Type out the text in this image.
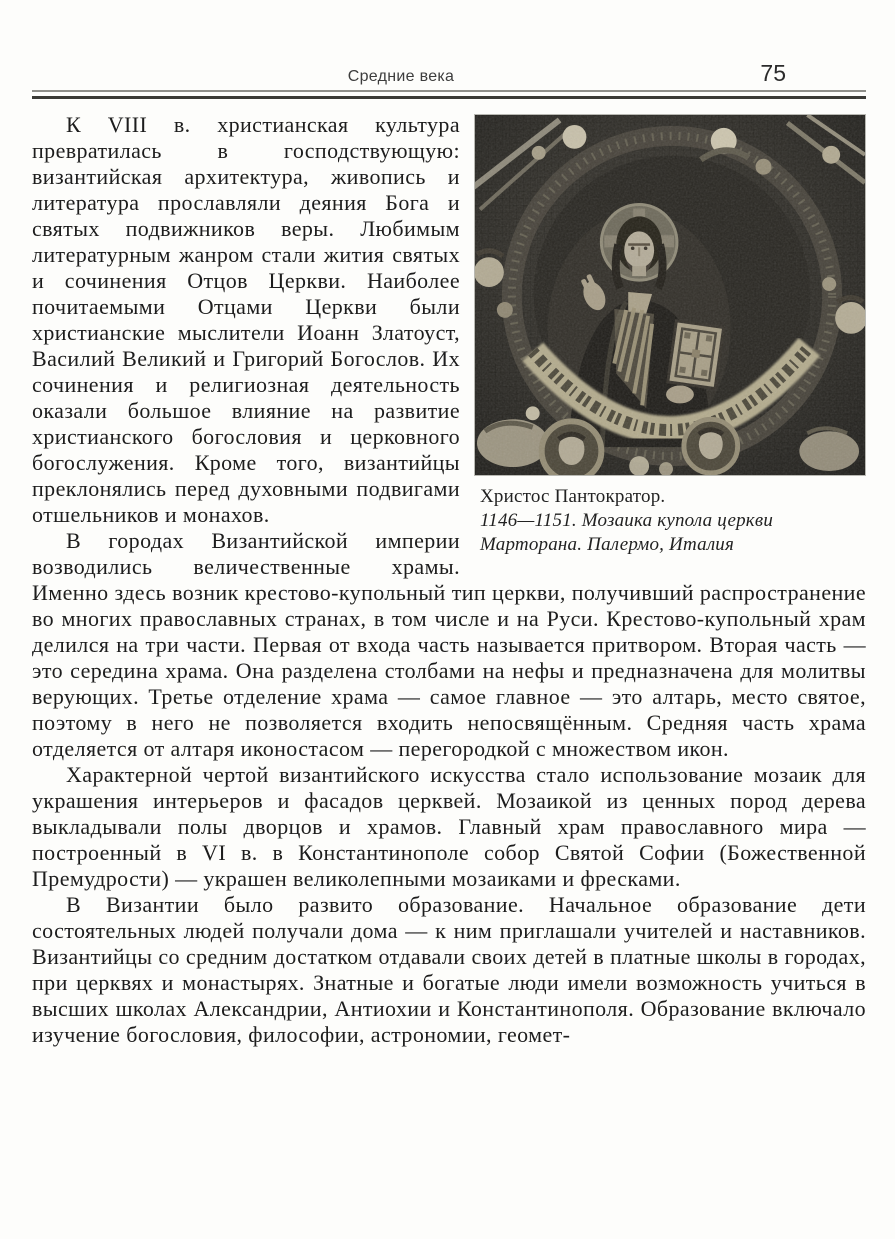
Средние века	75
Христос Пантократор.
1146—1151. Мозаика купола церкви Марторана. Палермо, Италия

К VIII в. христианская культура превратилась в господствующую: византийская архитектура, живопись и литература прославляли деяния Бога и святых подвижников веры. Любимым литературным жанром стали жития святых и сочинения Отцов Церкви. Наиболее почитаемыми Отцами Церкви были христианские мыслители Иоанн Златоуст, Василий Великий и Григорий Богослов. Их сочинения и религиозная деятельность оказали большое влияние на развитие христианского богословия и церковного богослужения. Кроме того, византийцы преклонялись перед духовными подвигами отшельников и монахов.

В городах Византийской империи возводились величественные храмы. Именно здесь возник крестово-купольный тип церкви, получивший распространение во многих православных странах, в том числе и на Руси. Крестово-купольный храм делился на три части. Первая от входа часть называется притвором. Вторая часть — это середина храма. Она разделена столбами на нефы и предназначена для молитвы верующих. Третье отделение храма — самое главное — это алтарь, место святое, поэтому в него не позволяется входить непосвящённым. Средняя часть храма отделяется от алтаря иконостасом — перегородкой с множеством икон.

Характерной чертой византийского искусства стало использование мозаик для украшения интерьеров и фасадов церквей. Мозаикой из ценных пород дерева выкладывали полы дворцов и храмов. Главный храм православного мира — построенный в VI в. в Константинополе собор Святой Софии (Божественной Премудрости) — украшен великолепными мозаиками и фресками.

В Византии было развито образование. Начальное образование дети состоятельных людей получали дома — к ним приглашали учителей и наставников. Византийцы со средним достатком отдавали своих детей в платные школы в городах, при церквях и монастырях. Знатные и богатые люди имели возможность учиться в высших школах Александрии, Антиохии и Константинополя. Образование включало изучение богословия, философии, астрономии, геомет-
